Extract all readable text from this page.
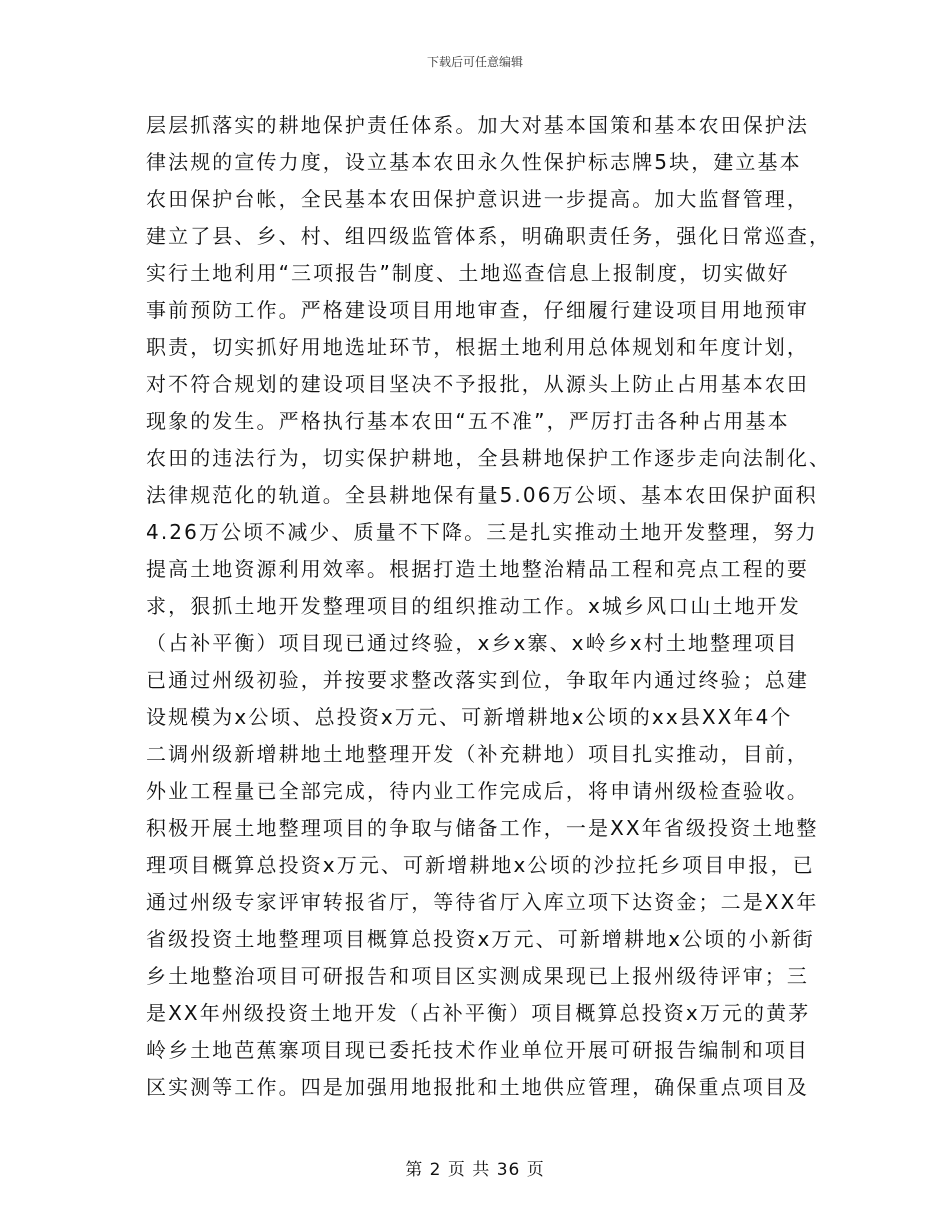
下载后可任意编辑
层层抓落实的耕地保护责任体系。加大对基本国策和基本农田保护法
律法规的宣传力度，设立基本农田永久性保护标志牌5块，建立基本
农田保护台帐，全民基本农田保护意识进一步提高。加大监督管理，
建立了县、乡、村、组四级监管体系，明确职责任务，强化日常巡查，
实行土地利用“三项报告”制度、土地巡查信息上报制度，切实做好
事前预防工作。严格建设项目用地审查，仔细履行建设项目用地预审
职责，切实抓好用地选址环节，根据土地利用总体规划和年度计划，
对不符合规划的建设项目坚决不予报批，从源头上防止占用基本农田
现象的发生。严格执行基本农田“五不准”，严厉打击各种占用基本
农田的违法行为，切实保护耕地，全县耕地保护工作逐步走向法制化、
法律规范化的轨道。全县耕地保有量5.06万公顷、基本农田保护面积
4.26万公顷不减少、质量不下降。三是扎实推动土地开发整理，努力
提高土地资源利用效率。根据打造土地整治精品工程和亮点工程的要
求，狠抓土地开发整理项目的组织推动工作。x城乡风口山土地开发
（占补平衡）项目现已通过终验，x乡x寨、x岭乡x村土地整理项目
已通过州级初验，并按要求整改落实到位，争取年内通过终验；总建
设规模为x公顷、总投资x万元、可新增耕地x公顷的xx县XX年4个
二调州级新增耕地土地整理开发（补充耕地）项目扎实推动，目前，
外业工程量已全部完成，待内业工作完成后，将申请州级检查验收。
积极开展土地整理项目的争取与储备工作，一是XX年省级投资土地整
理项目概算总投资x万元、可新增耕地x公顷的沙拉托乡项目申报，已
通过州级专家评审转报省厅，等待省厅入库立项下达资金；二是XX年
省级投资土地整理项目概算总投资x万元、可新增耕地x公顷的小新街
乡土地整治项目可研报告和项目区实测成果现已上报州级待评审；三
是XX年州级投资土地开发（占补平衡）项目概算总投资x万元的黄茅
岭乡土地芭蕉寨项目现已委托技术作业单位开展可研报告编制和项目
区实测等工作。四是加强用地报批和土地供应管理，确保重点项目及
第 2 页 共 36 页
